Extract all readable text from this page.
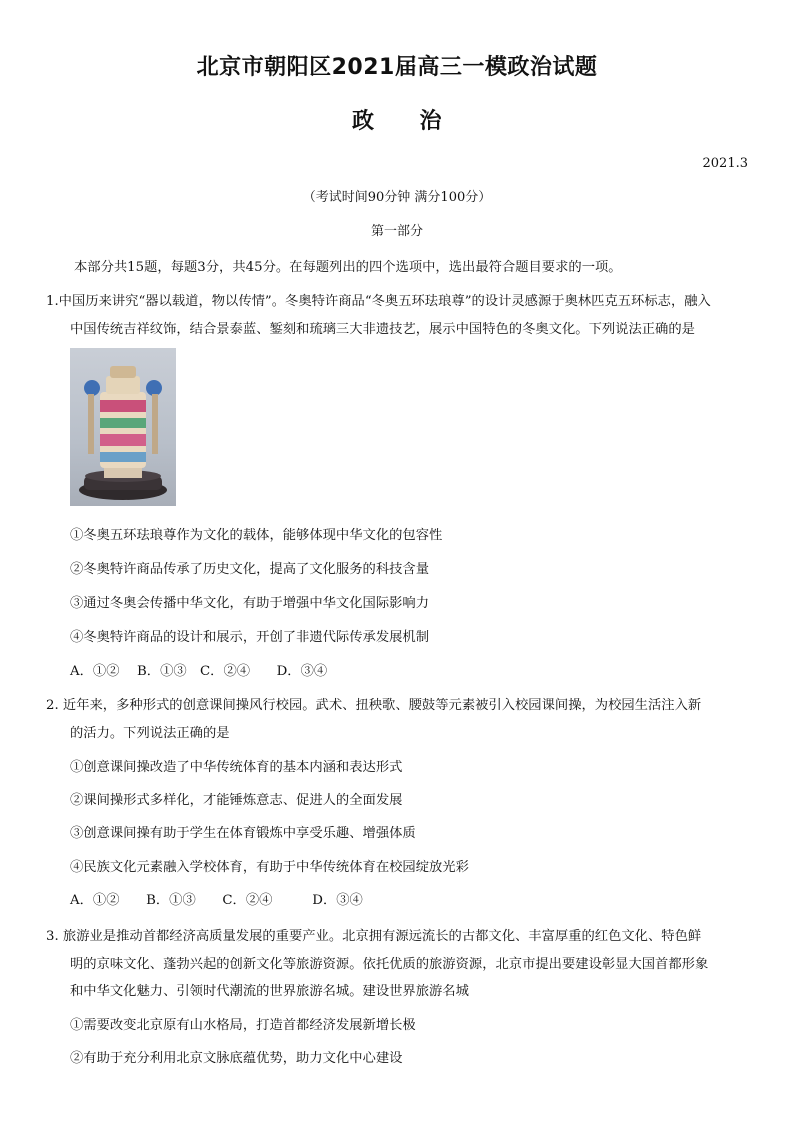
北京市朝阳区2021届高三一模政治试题
政　　治
2021.3
（考试时间90分钟 满分100分）
第一部分
本部分共15题，每题3分，共45分。在每题列出的四个选项中，选出最符合题目要求的一项。
1.中国历来讲究“器以载道，物以传情”。冬奥特许商品“冬奥五环珐琅尊”的设计灵感源于奥林匹克五环标志，融入
中国传统吉祥纹饰，结合景泰蓝、錾刻和琉璃三大非遗技艺，展示中国特色的冬奥文化。下列说法正确的是
①冬奥五环珐琅尊作为文化的载体，能够体现中华文化的包容性
②冬奥特许商品传承了历史文化，提高了文化服务的科技含量
③通过冬奥会传播中华文化，有助于增强中华文化国际影响力
④冬奥特许商品的设计和展示，开创了非遗代际传承发展机制
A．①②　 B．①③　C．②④　　D．③④
2. 近年来，多种形式的创意课间操风行校园。武术、扭秧歌、腰鼓等元素被引入校园课间操，为校园生活注入新
的活力。下列说法正确的是
①创意课间操改造了中华传统体育的基本内涵和表达形式
②课间操形式多样化，才能锤炼意志、促进人的全面发展
③创意课间操有助于学生在体育锻炼中享受乐趣、增强体质
④民族文化元素融入学校体育，有助于中华传统体育在校园绽放光彩
A．①②　　B．①③　　C．②④　　　D．③④
3. 旅游业是推动首都经济高质量发展的重要产业。北京拥有源远流长的古都文化、丰富厚重的红色文化、特色鲜
明的京味文化、蓬勃兴起的创新文化等旅游资源。依托优质的旅游资源，北京市提出要建设彰显大国首都形象
和中华文化魅力、引领时代潮流的世界旅游名城。建设世界旅游名城
①需要改变北京原有山水格局，打造首都经济发展新增长极
②有助于充分利用北京文脉底蕴优势，助力文化中心建设
